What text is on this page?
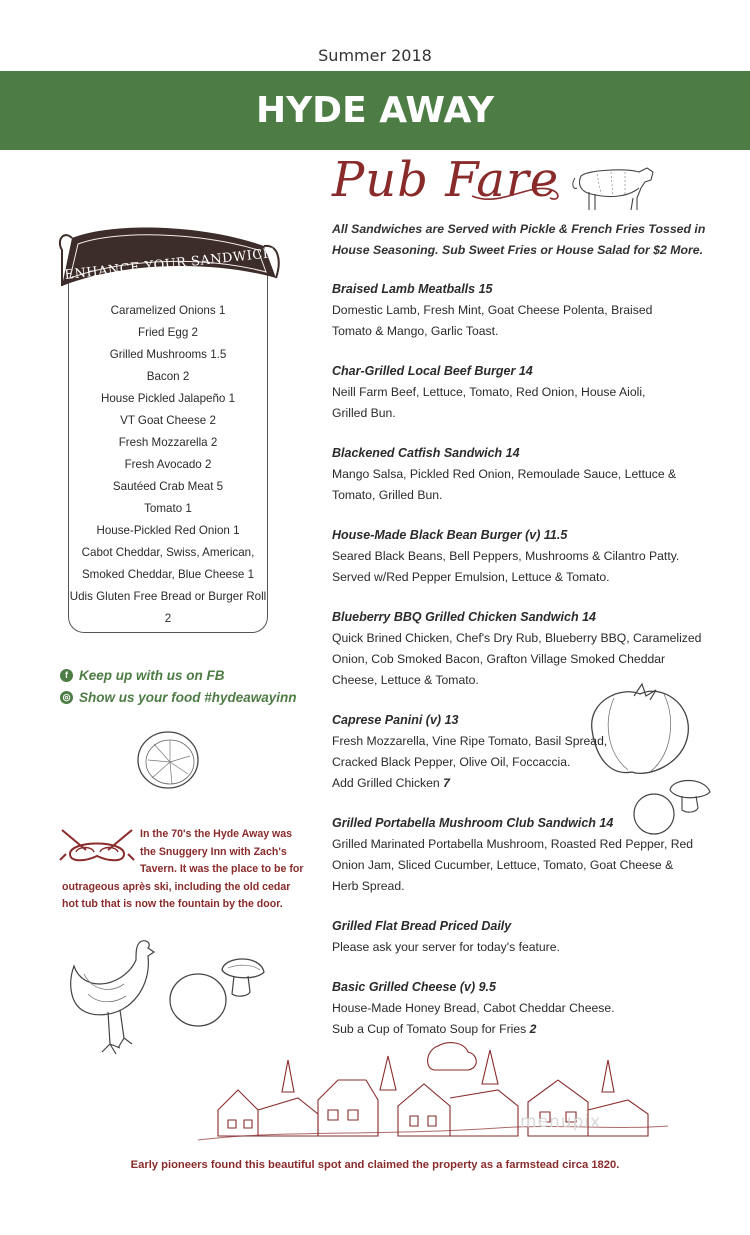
Summer 2018
HYDE AWAY
Pub Fare
All Sandwiches are Served with Pickle & French Fries Tossed in House Seasoning. Sub Sweet Fries or House Salad for $2 More.
Braised Lamb Meatballs 15
Domestic Lamb, Fresh Mint, Goat Cheese Polenta, Braised
Tomato & Mango, Garlic Toast.
Char-Grilled Local Beef Burger 14
Neill Farm Beef, Lettuce, Tomato, Red Onion, House Aioli,
Grilled Bun.
Blackened Catfish Sandwich 14
Mango Salsa, Pickled Red Onion, Remoulade Sauce, Lettuce &
Tomato, Grilled Bun.
House-Made Black Bean Burger (v) 11.5
Seared Black Beans, Bell Peppers, Mushrooms & Cilantro Patty.
Served w/Red Pepper Emulsion, Lettuce & Tomato.
Blueberry BBQ Grilled Chicken Sandwich 14
Quick Brined Chicken, Chef's Dry Rub, Blueberry BBQ, Caramelized
Onion, Cob Smoked Bacon, Grafton Village Smoked Cheddar
Cheese, Lettuce & Tomato.
Caprese Panini (v) 13
Fresh Mozzarella, Vine Ripe Tomato, Basil Spread,
Cracked Black Pepper, Olive Oil, Foccaccia.
Add Grilled Chicken 7
Grilled Portabella Mushroom Club Sandwich 14
Grilled Marinated Portabella Mushroom, Roasted Red Pepper, Red
Onion Jam, Sliced Cucumber, Lettuce, Tomato, Goat Cheese &
Herb Spread.
Grilled Flat Bread Priced Daily
Please ask your server for today's feature.
Basic Grilled Cheese (v) 9.5
House-Made Honey Bread, Cabot Cheddar Cheese.
Sub a Cup of Tomato Soup for Fries 2
ENHANCE YOUR SANDWICH
Caramelized Onions 1
Fried Egg 2
Grilled Mushrooms 1.5
Bacon 2
House Pickled Jalapeño 1
VT Goat Cheese 2
Fresh Mozzarella 2
Fresh Avocado 2
Sautéed Crab Meat 5
Tomato 1
House-Pickled Red Onion 1
Cabot Cheddar, Swiss, American,
Smoked Cheddar, Blue Cheese 1
Udis Gluten Free Bread or Burger Roll 2
f Keep up with us on FB
◎ Show us your food #hydeawayinn
In the 70's the Hyde Away was
the Snuggery Inn with Zach's
Tavern. It was the place to be for
outrageous après ski, including the old cedar
hot tub that is now the fountain by the door.
menupix
Early pioneers found this beautiful spot and claimed the property as a farmstead circa 1820.
